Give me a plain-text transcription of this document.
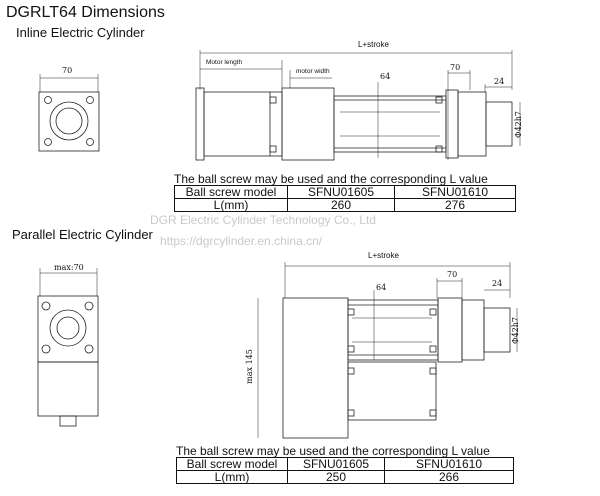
DGRLT64 Dimensions
Inline Electric Cylinder
Motor length
motor width
L+stroke
70
64
70
24
Φ42h7
The ball screw may be used and the corresponding L value
Ball screw model	SFNU01605	SFNU01610
L(mm)	260	276
DGR Electric Cylinder Technology Co., Ltd
https://dgrcylinder.en.china.cn/
Parallel Electric Cylinder
max:70
L+stroke
70
24
64
max 145
Φ42h7
The ball screw may be used and the corresponding L value
Ball screw model	SFNU01605	SFNU01610
L(mm)	250	266
